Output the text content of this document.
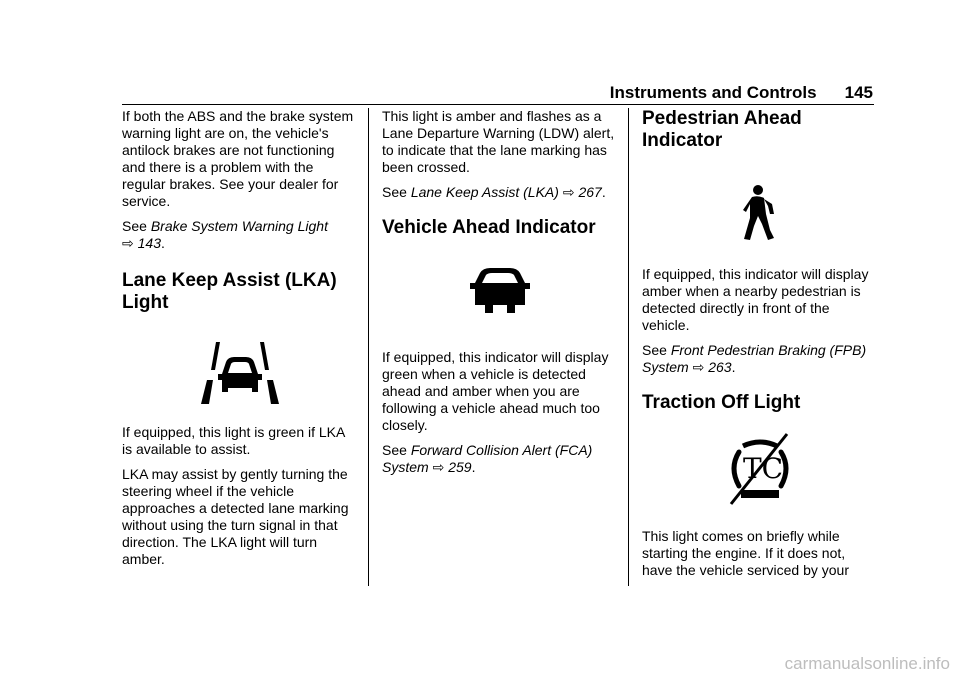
Instruments and Controls 145

If both the ABS and the brake system warning light are on, the vehicle's antilock brakes are not functioning and there is a problem with the regular brakes. See your dealer for service.

See Brake System Warning Light
⇨ 143.

Lane Keep Assist (LKA) Light

If equipped, this light is green if LKA is available to assist.

LKA may assist by gently turning the steering wheel if the vehicle approaches a detected lane marking without using the turn signal in that direction. The LKA light will turn amber.

This light is amber and flashes as a Lane Departure Warning (LDW) alert, to indicate that the lane marking has been crossed.

See Lane Keep Assist (LKA) ⇨ 267.

Vehicle Ahead Indicator

If equipped, this indicator will display green when a vehicle is detected ahead and amber when you are following a vehicle ahead much too closely.

See Forward Collision Alert (FCA) System ⇨ 259.

Pedestrian Ahead Indicator

If equipped, this indicator will display amber when a nearby pedestrian is detected directly in front of the vehicle.

See Front Pedestrian Braking (FPB) System ⇨ 263.

Traction Off Light
TC

This light comes on briefly while starting the engine. If it does not, have the vehicle serviced by your

carmanualsonline.info
